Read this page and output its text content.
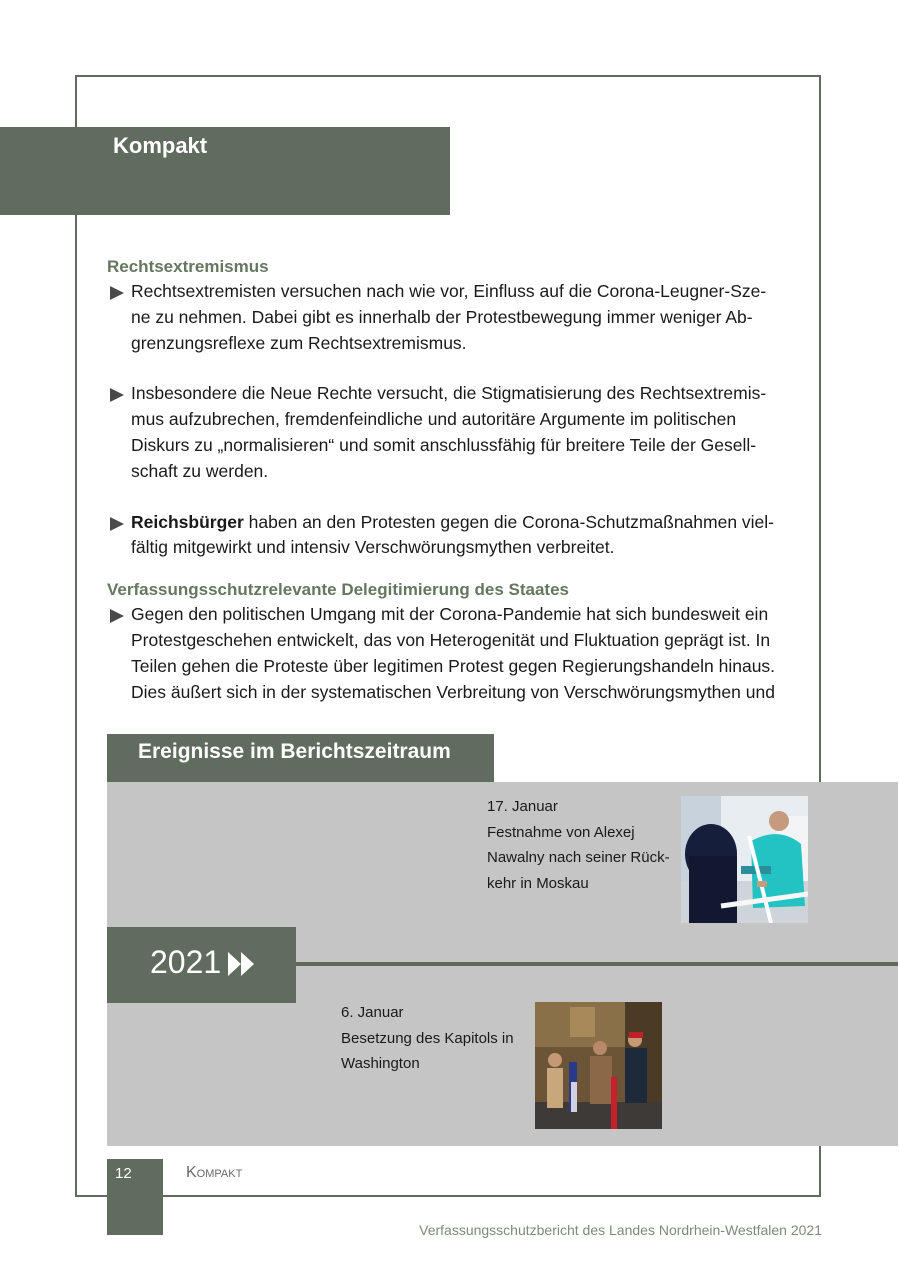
Kompakt

Rechtsextremismus

Rechtsextremisten versuchen nach wie vor, Einfluss auf die Corona-Leugner-Sze-
ne zu nehmen. Dabei gibt es innerhalb der Protestbewegung immer weniger Ab-
grenzungsreflexe zum Rechtsextremismus.
Insbesondere die Neue Rechte versucht, die Stigmatisierung des Rechtsextremis-
mus aufzubrechen, fremdenfeindliche und autoritäre Argumente im politischen
Diskurs zu „normalisieren“ und somit anschlussfähig für breitere Teile der Gesell-
schaft zu werden.
Reichsbürger haben an den Protesten gegen die Corona-Schutzmaßnahmen viel-
fältig mitgewirkt und intensiv Verschwörungsmythen verbreitet.

Verfassungsschutzrelevante Delegitimierung des Staates

Gegen den politischen Umgang mit der Corona-Pandemie hat sich bundesweit ein
Protestgeschehen entwickelt, das von Heterogenität und Fluktuation geprägt ist. In
Teilen gehen die Proteste über legitimen Protest gegen Regierungshandeln hinaus.
Dies äußert sich in der systematischen Verbreitung von Verschwörungsmythen und
Ereignisse im Berichtszeitraum
2021
17. Januar
Festnahme von Alexej
Nawalny nach seiner Rück-
kehr in Moskau
6. Januar
Besetzung des Kapitols in
Washington
12	Kompakt
Verfassungsschutzbericht des Landes Nordrhein-Westfalen 2021
